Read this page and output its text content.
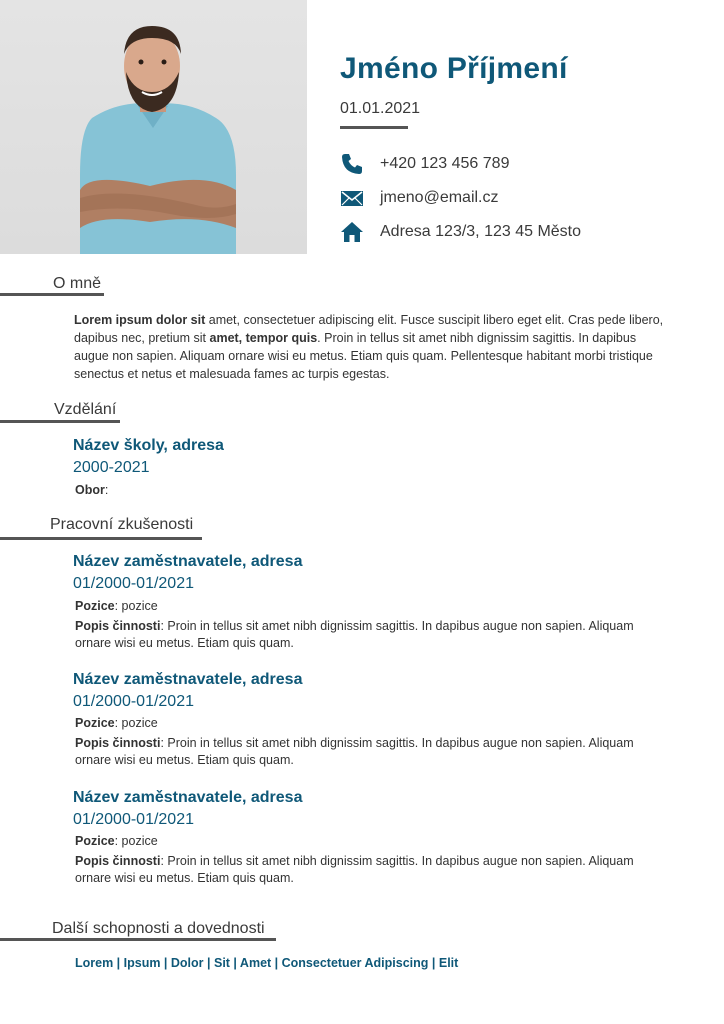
Jméno Příjmení
01.01.2021
+420 123 456 789
jmeno@email.cz
Adresa 123/3, 123 45 Město
O mně

Lorem ipsum dolor sit amet, consectetuer adipiscing elit. Fusce suscipit libero eget elit. Cras pede libero, dapibus nec, pretium sit amet, tempor quis. Proin in tellus sit amet nibh dignissim sagittis. In dapibus augue non sapien. Aliquam ornare wisi eu metus. Etiam quis quam. Pellentesque habitant morbi tristique senectus et netus et malesuada fames ac turpis egestas.

Vzdělání
Název školy, adresa
2000-2021
Obor:
Pracovní zkušenosti
Název zaměstnavatele, adresa
01/2000-01/2021
Pozice: pozice

Popis činnosti: Proin in tellus sit amet nibh dignissim sagittis. In dapibus augue non sapien. Aliquam ornare wisi eu metus. Etiam quis quam.

Název zaměstnavatele, adresa
01/2000-01/2021
Pozice: pozice

Popis činnosti: Proin in tellus sit amet nibh dignissim sagittis. In dapibus augue non sapien. Aliquam ornare wisi eu metus. Etiam quis quam.

Název zaměstnavatele, adresa
01/2000-01/2021
Pozice: pozice

Popis činnosti: Proin in tellus sit amet nibh dignissim sagittis. In dapibus augue non sapien. Aliquam ornare wisi eu metus. Etiam quis quam.

Další schopnosti a dovednosti
Lorem | Ipsum | Dolor | Sit | Amet | Consectetuer Adipiscing | Elit
